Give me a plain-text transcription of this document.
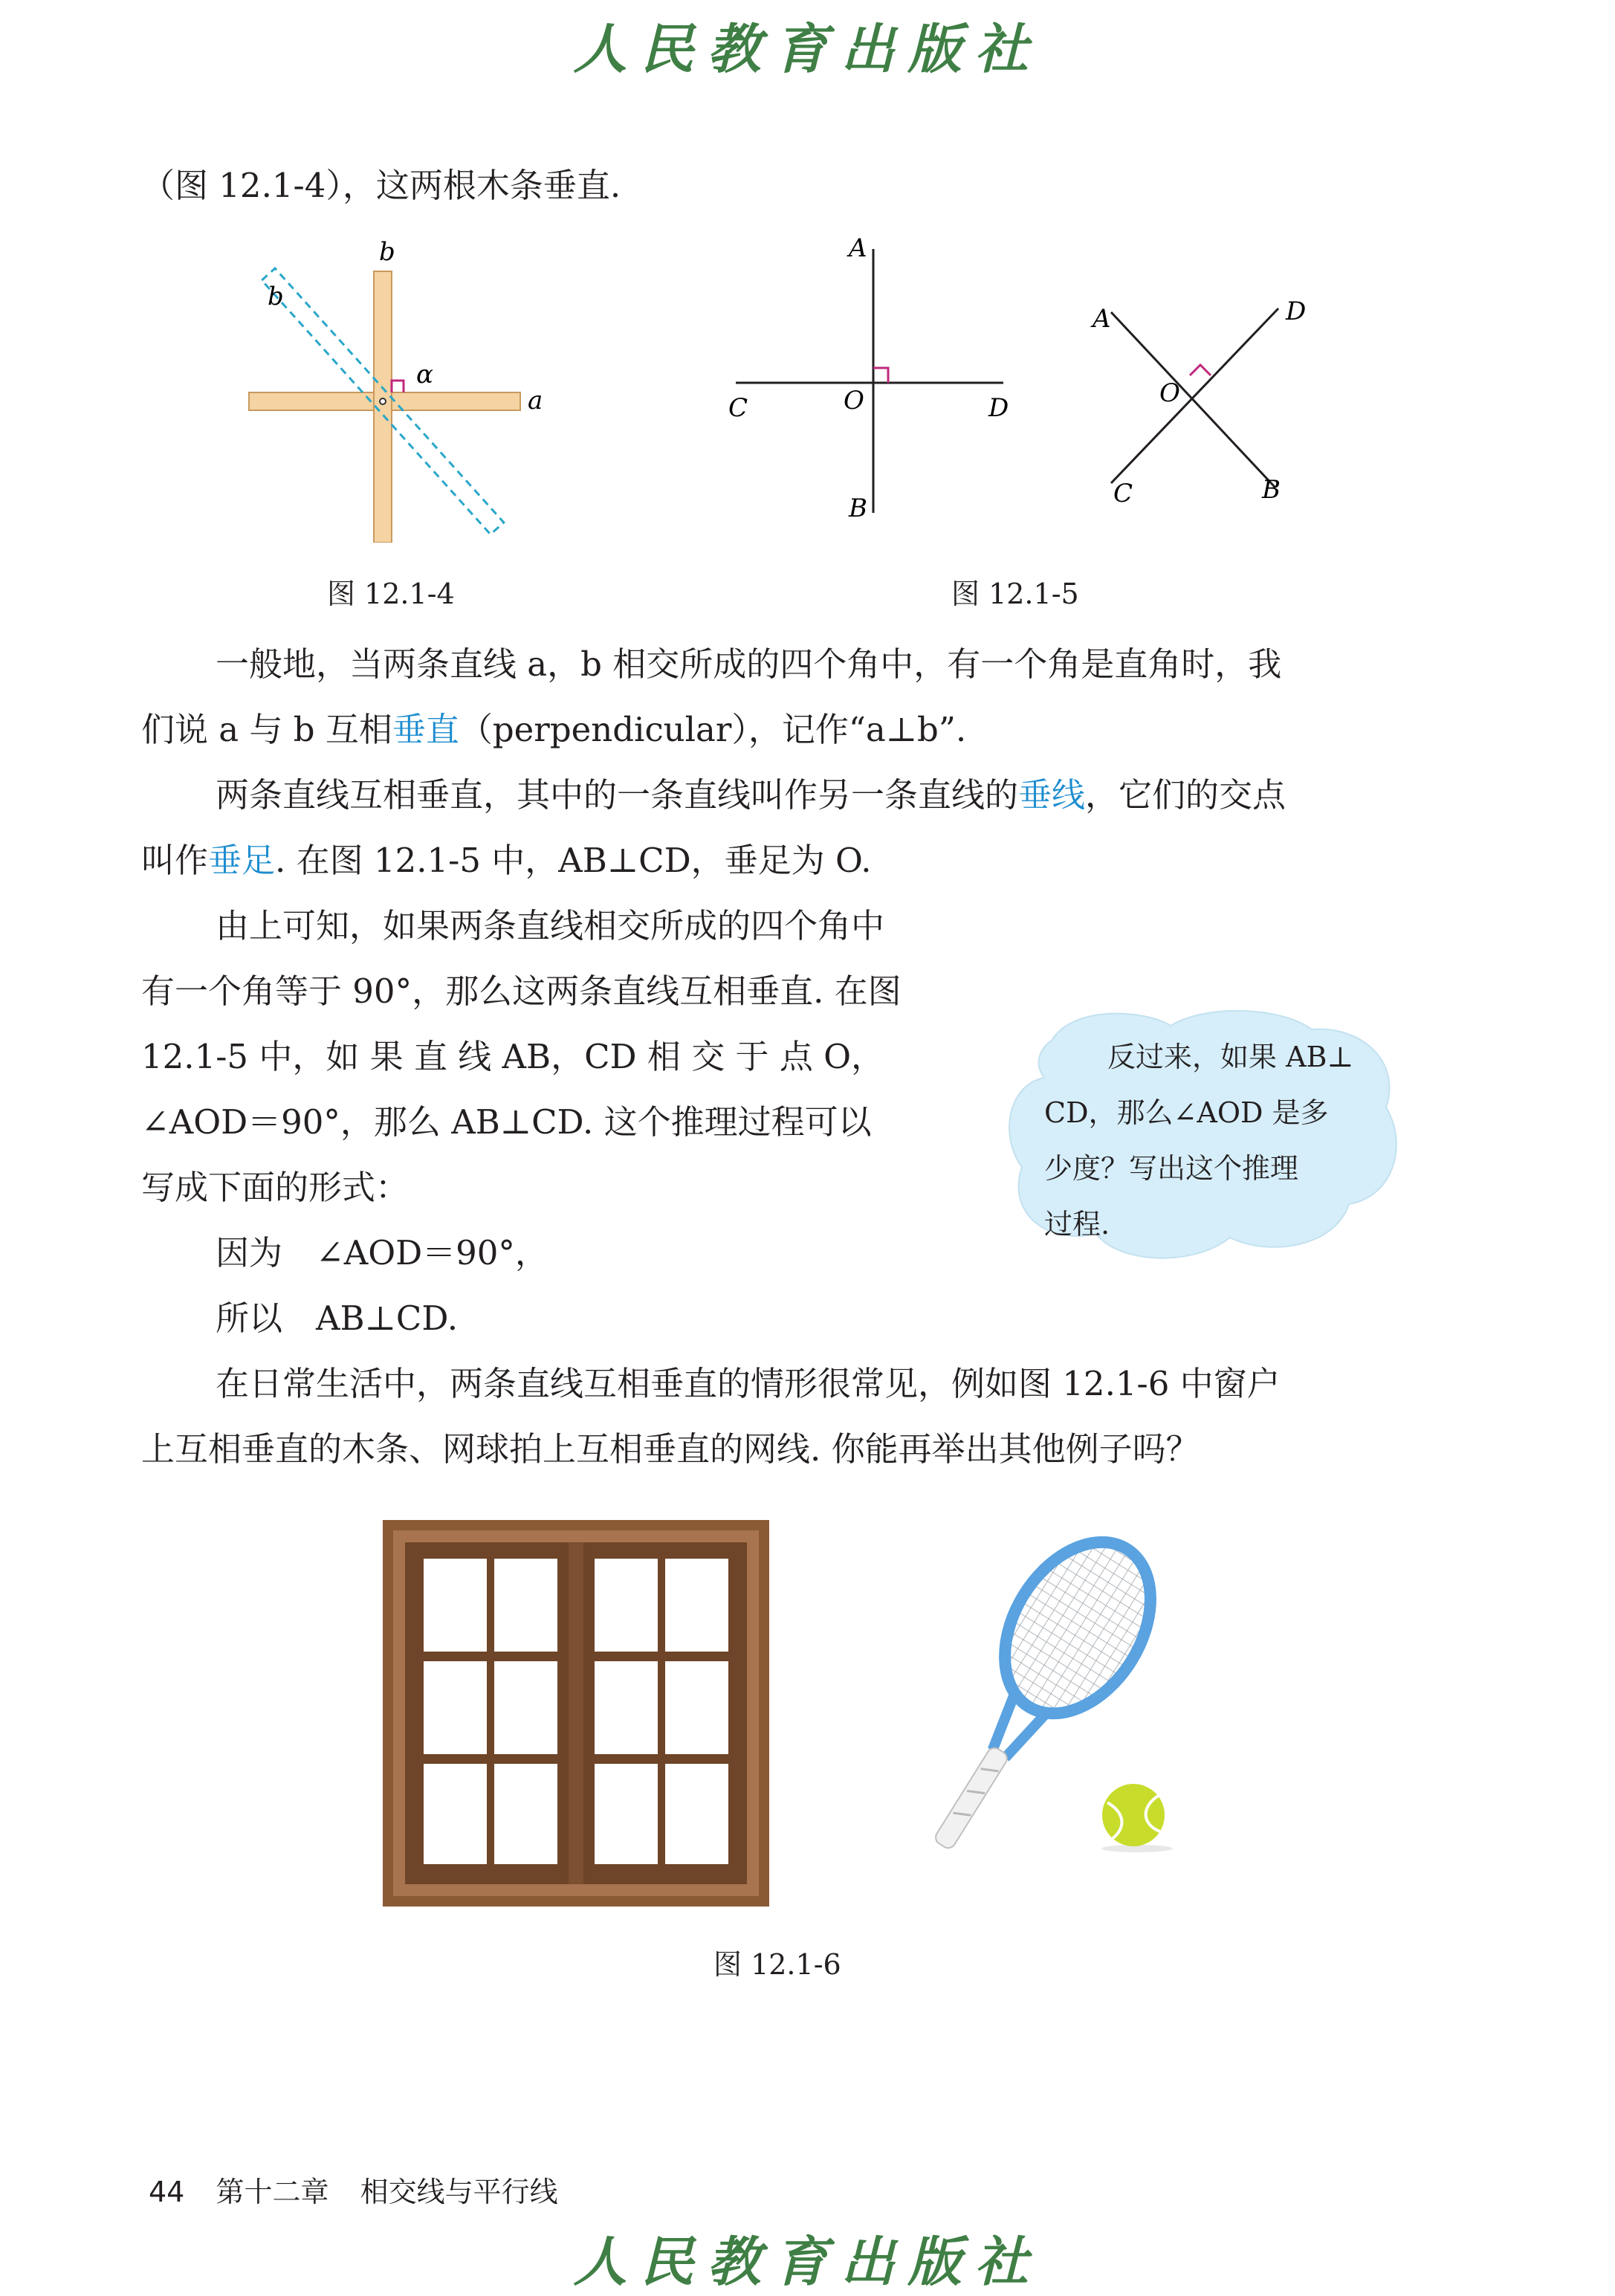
人民教育出版社
（图 12.1-4），这两根木条垂直.
b
b
α
a
图 12.1-4
A
B
C	D
O
A	D
O
C	B
图 12.1-5
一般地，当两条直线 a，b 相交所成的四个角中，有一个角是直角时，我
们说 a 与 b 互相垂直（perpendicular），记作“a⊥b”.
两条直线互相垂直，其中的一条直线叫作另一条直线的垂线，它们的交点
叫作垂足. 在图 12.1-5 中，AB⊥CD，垂足为 O.
由上可知，如果两条直线相交所成的四个角中
有一个角等于 90°，那么这两条直线互相垂直. 在图
12.1-5 中，如 果 直 线 AB，CD 相 交 于 点 O，
∠AOD＝90°，那么 AB⊥CD. 这个推理过程可以
写成下面的形式：
因为　∠AOD＝90°，
所以　AB⊥CD.
反过来，如果 AB⊥
CD，那么∠AOD 是多
少度？写出这个推理
过程.
在日常生活中，两条直线互相垂直的情形很常见，例如图 12.1-6 中窗户
上互相垂直的木条、网球拍上互相垂直的网线. 你能再举出其他例子吗？
图 12.1-6
44 第十二章 相交线与平行线
人民教育出版社
